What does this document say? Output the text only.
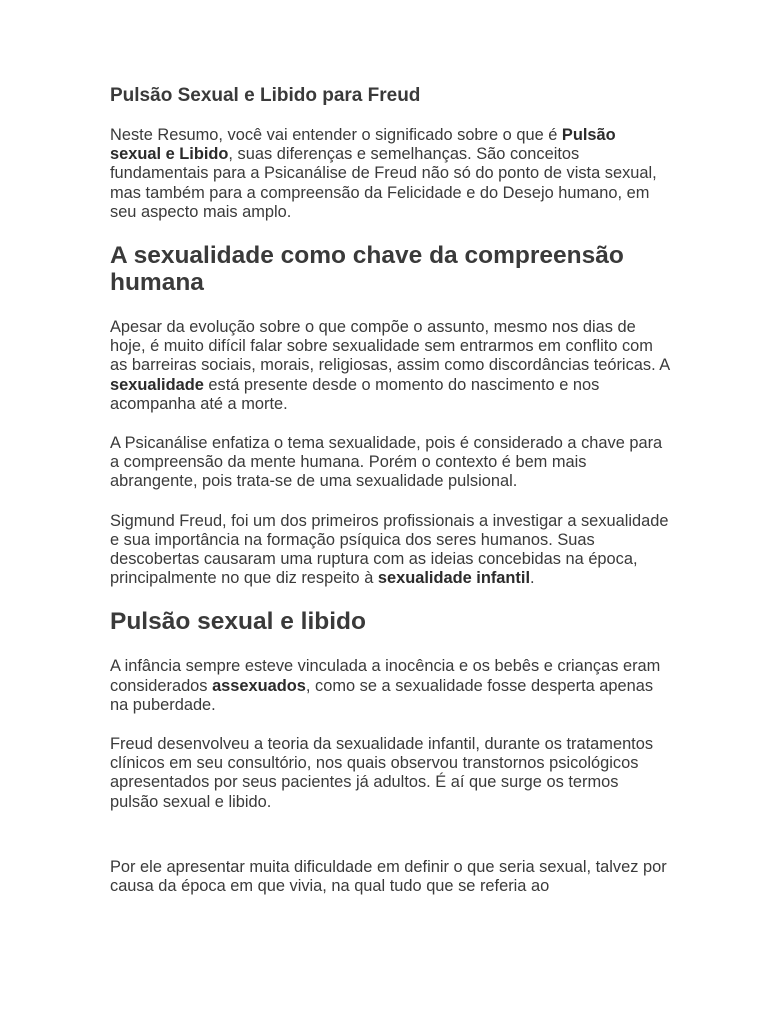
Pulsão Sexual e Libido para Freud

Neste Resumo, você vai entender o significado sobre o que é Pulsão sexual e Libido, suas diferenças e semelhanças. São conceitos fundamentais para a Psicanálise de Freud não só do ponto de vista sexual, mas também para a compreensão da Felicidade e do Desejo humano, em seu aspecto mais amplo.

A sexualidade como chave da compreensão humana

Apesar da evolução sobre o que compõe o assunto, mesmo nos dias de hoje, é muito difícil falar sobre sexualidade sem entrarmos em conflito com as barreiras sociais, morais, religiosas, assim como discordâncias teóricas. A sexualidade está presente desde o momento do nascimento e nos acompanha até a morte.

A Psicanálise enfatiza o tema sexualidade, pois é considerado a chave para a compreensão da mente humana. Porém o contexto é bem mais abrangente, pois trata-se de uma sexualidade pulsional.

Sigmund Freud, foi um dos primeiros profissionais a investigar a sexualidade e sua importância na formação psíquica dos seres humanos. Suas descobertas causaram uma ruptura com as ideias concebidas na época, principalmente no que diz respeito à sexualidade infantil.

Pulsão sexual e libido

A infância sempre esteve vinculada a inocência e os bebês e crianças eram considerados assexuados, como se a sexualidade fosse desperta apenas na puberdade.

Freud desenvolveu a teoria da sexualidade infantil, durante os tratamentos clínicos em seu consultório, nos quais observou transtornos psicológicos apresentados por seus pacientes já adultos. É aí que surge os termos pulsão sexual e libido.

Por ele apresentar muita dificuldade em definir o que seria sexual, talvez por causa da época em que vivia, na qual tudo que se referia ao
